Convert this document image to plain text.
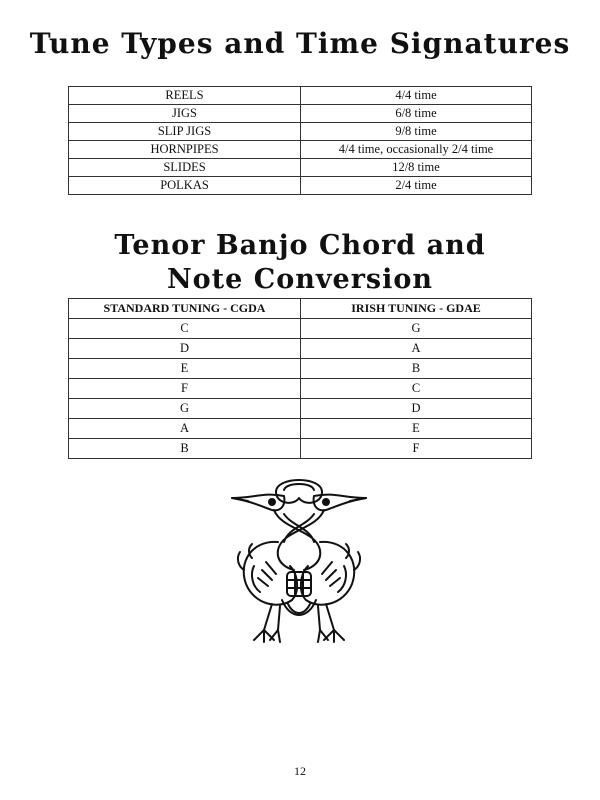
Tune Types and Time Signatures
REELS	4/4 time
JIGS	6/8 time
SLIP JIGS	9/8 time
HORNPIPES	4/4 time, occasionally 2/4 time
SLIDES	12/8 time
POLKAS	2/4 time
Tenor Banjo Chord and
Note Conversion
STANDARD TUNING - CGDA	IRISH TUNING - GDAE
C	G
D	A
E	B
F	C
G	D
A	E
B	F
12
